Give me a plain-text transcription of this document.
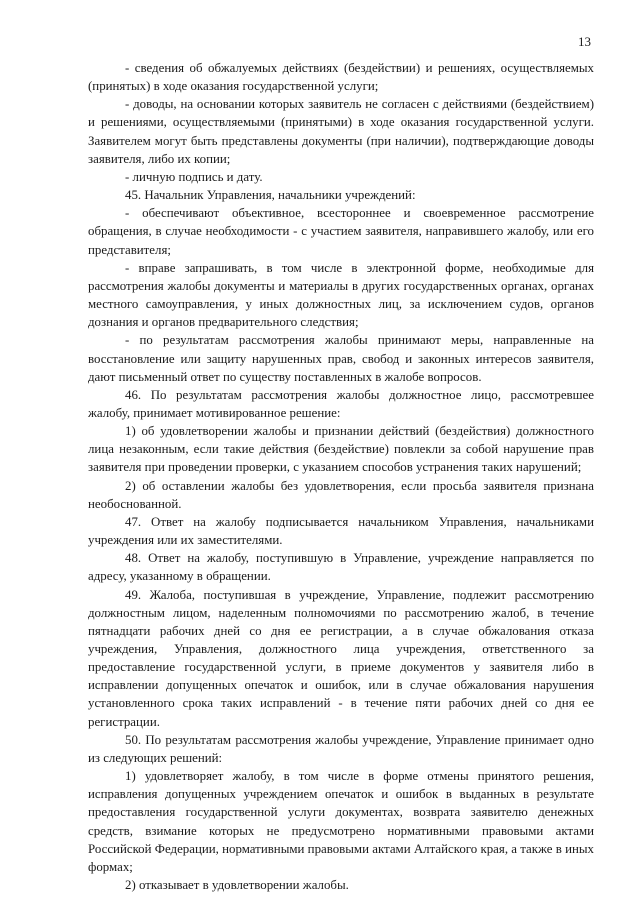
13

- сведения об обжалуемых действиях (бездействии) и решениях, осуществляемых (принятых) в ходе оказания государственной услуги;

- доводы, на основании которых заявитель не согласен с действиями (бездействием) и решениями, осуществляемыми (принятыми) в ходе оказания государственной услуги. Заявителем могут быть представлены документы (при наличии), подтверждающие доводы заявителя, либо их копии;

- личную подпись и дату.

45. Начальник Управления, начальники учреждений:

- обеспечивают объективное, всестороннее и своевременное рассмотрение обращения, в случае необходимости - с участием заявителя, направившего жалобу, или его представителя;

- вправе запрашивать, в том числе в электронной форме, необходимые для рассмотрения жалобы документы и материалы в других государственных органах, органах местного самоуправления, у иных должностных лиц, за исключением судов, органов дознания и органов предварительного следствия;

- по результатам рассмотрения жалобы принимают меры, направленные на восстановление или защиту нарушенных прав, свобод и законных интересов заявителя, дают письменный ответ по существу поставленных в жалобе вопросов.

46. По результатам рассмотрения жалобы должностное лицо, рассмотревшее жалобу, принимает мотивированное решение:

1) об удовлетворении жалобы и признании действий (бездействия) должностного лица незаконным, если такие действия (бездействие) повлекли за собой нарушение прав заявителя при проведении проверки, с указанием способов устранения таких нарушений;

2) об оставлении жалобы без удовлетворения, если просьба заявителя признана необоснованной.

47. Ответ на жалобу подписывается начальником Управления, начальниками учреждения или их заместителями.

48. Ответ на жалобу, поступившую в Управление, учреждение направляется по адресу, указанному в обращении.

49. Жалоба, поступившая в учреждение, Управление, подлежит рассмотрению должностным лицом, наделенным полномочиями по рассмотрению жалоб, в течение пятнадцати рабочих дней со дня ее регистрации, а в случае обжалования отказа учреждения, Управления, должностного лица учреждения, ответственного за предоставление государственной услуги, в приеме документов у заявителя либо в исправлении допущенных опечаток и ошибок, или в случае обжалования нарушения установленного срока таких исправлений - в течение пяти рабочих дней со дня ее регистрации.

50. По результатам рассмотрения жалобы учреждение, Управление принимает одно из следующих решений:

1) удовлетворяет жалобу, в том числе в форме отмены принятого решения, исправления допущенных учреждением опечаток и ошибок в выданных в результате предоставления государственной услуги документах, возврата заявителю денежных средств, взимание которых не предусмотрено нормативными правовыми актами Российской Федерации, нормативными правовыми актами Алтайского края, а также в иных формах;

2) отказывает в удовлетворении жалобы.
